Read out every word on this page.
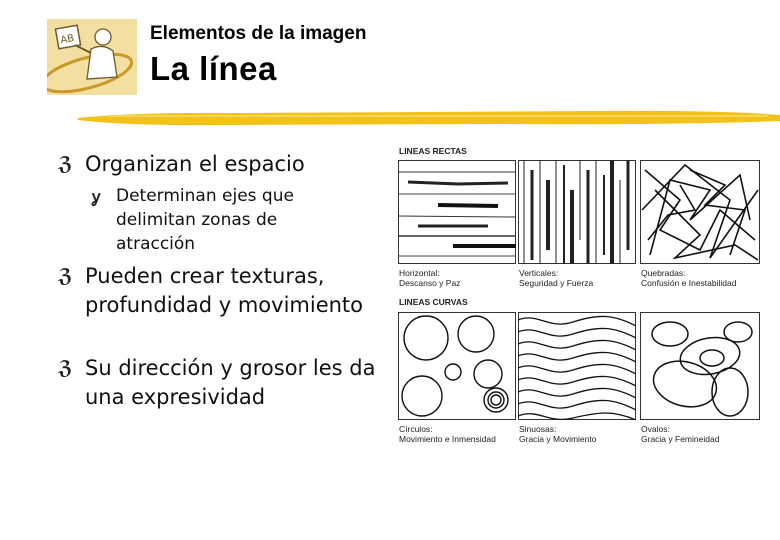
AB	Elementos de la imagen
La línea
ℨ Organizan el espacio
ỿ Determinan ejes que delimitan zonas de atracción
ℨ Pueden crear texturas, profundidad y movimiento
ℨ Su dirección y grosor les da una expresividad
LINEAS RECTAS
Horizontal:
Descanso y Paz
Verticales:
Seguridad y Fuerza
Quebradas:
Confusión e Inestabilidad
LINEAS CURVAS
Círculos:
Movimiento e Inmensidad
Sinuosas:
Gracia y Movimiento
Ovalos:
Gracia y Femineidad
